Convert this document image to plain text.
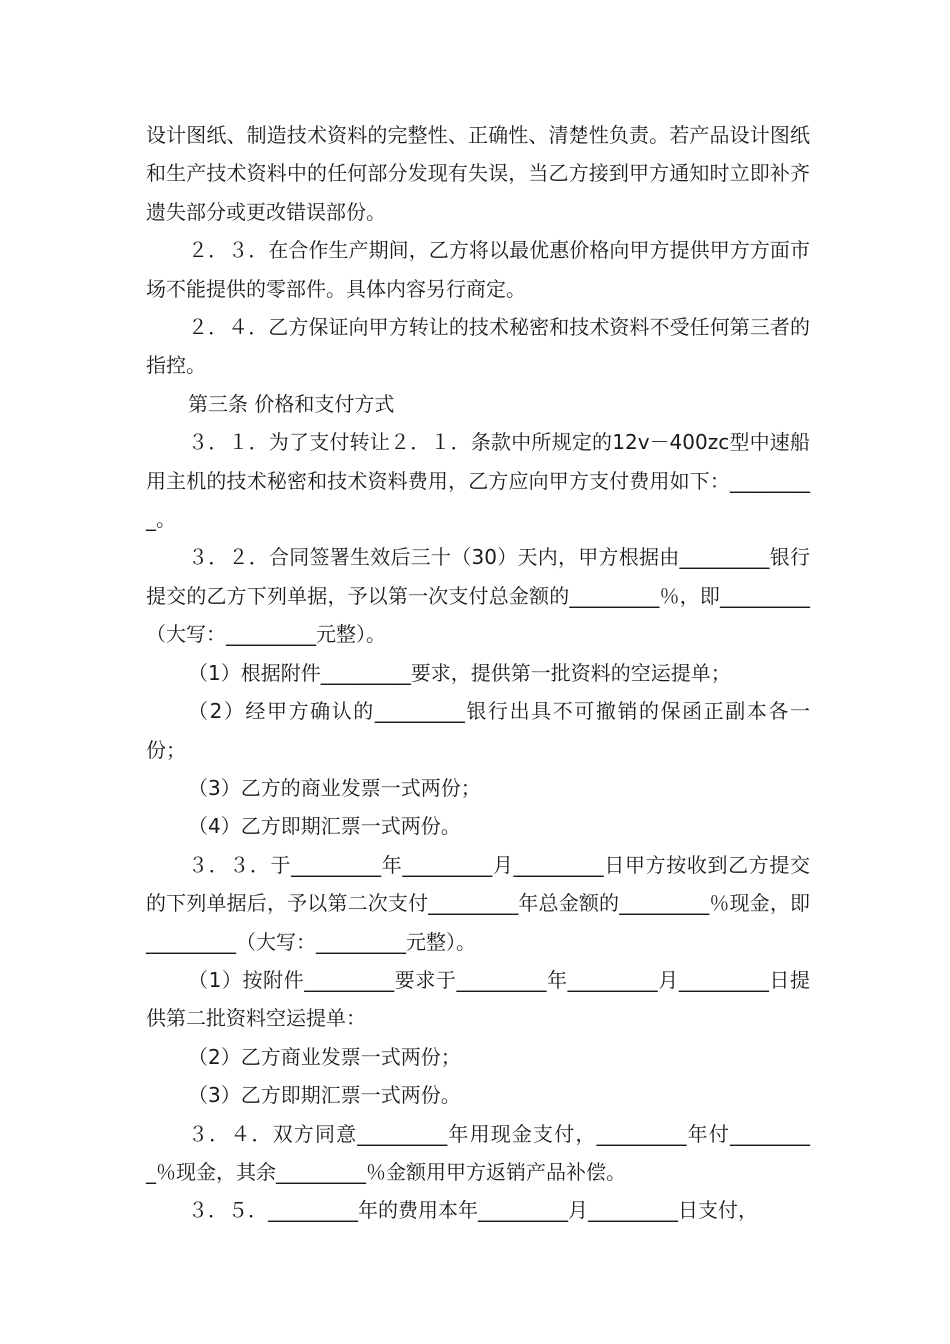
设计图纸、制造技术资料的完整性、正确性、清楚性负责。若产品设计图纸和生产技术资料中的任何部分发现有失误，当乙方接到甲方通知时立即补齐遗失部分或更改错误部份。

２．３．在合作生产期间，乙方将以最优惠价格向甲方提供甲方方面市场不能提供的零部件。具体内容另行商定。

２．４．乙方保证向甲方转让的技术秘密和技术资料不受任何第三者的指控。

第三条 价格和支付方式

３．１．为了支付转让２．１．条款中所规定的12v－400zc型中速船用主机的技术秘密和技术资料费用，乙方应向甲方支付费用如下：_________。

３．２．合同签署生效后三十（30）天内，甲方根据由_________银行提交的乙方下列单据，予以第一次支付总金额的_________％，即_________（大写：_________元整）。

（1）根据附件_________要求，提供第一批资料的空运提单；

（2）经甲方确认的_________银行出具不可撤销的保函正副本各一份；

（3）乙方的商业发票一式两份；

（4）乙方即期汇票一式两份。

３．３．于_________年_________月_________日甲方按收到乙方提交的下列单据后，予以第二次支付_________年总金额的_________％现金，即_________（大写：_________元整）。

（1）按附件_________要求于_________年_________月_________日提供第二批资料空运提单：

（2）乙方商业发票一式两份；

（3）乙方即期汇票一式两份。

３．４．双方同意_________年用现金支付，_________年付_________％现金，其余_________％金额用甲方返销产品补偿。

３．５．_________年的费用本年_________月_________日支付，
